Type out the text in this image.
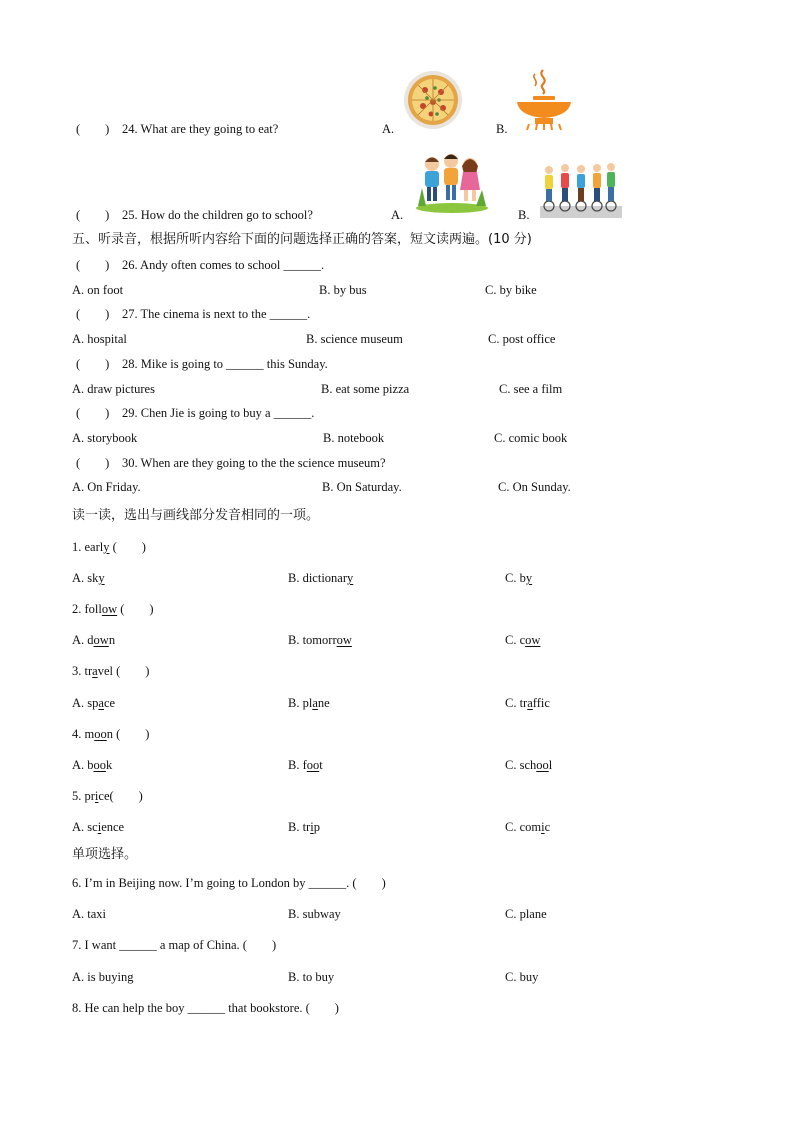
(　　) 24. What are they going to eat?	A.	B.
(　　) 25. How do the children go to school?	A.	B.
五、听录音，根据所听内容给下面的问题选择正确的答案，短文读两遍。(10 分)
(　　) 26. Andy often comes to school ______.
A. on foot	B. by bus	C. by bike
(　　) 27. The cinema is next to the ______.
A. hospital	B. science museum	C. post office
(　　) 28. Mike is going to ______ this Sunday.
A. draw pictures	B. eat some pizza	C. see a film
(　　) 29. Chen Jie is going to buy a ______.
A. storybook	B. notebook	C. comic book
(　　) 30. When are they going to the the science museum?
A. On Friday.	B. On Saturday.	C. On Sunday.
读一读，选出与画线部分发音相同的一项。
1. early (　　)
A. sky	B. dictionary	C. by
2. follow (　　)
A. down	B. tomorrow	C. cow
3. travel (　　)
A. space	B. plane	C. traffic
4. moon (　　)
A. book	B. foot	C. school
5. price(　　)
A. science	B. trip	C. comic
单项选择。
6. I’m in Beijing now. I’m going to London by ______. (　　)
A. taxi	B. subway	C. plane
7. I want ______ a map of China. (　　)
A. is buying	B. to buy	C. buy
8. He can help the boy ______ that bookstore. (　　)
